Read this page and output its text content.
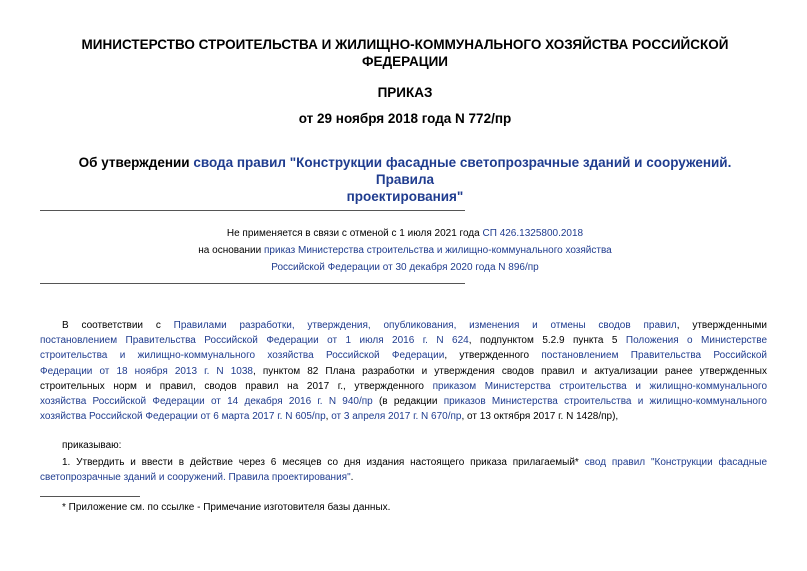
МИНИСТЕРСТВО СТРОИТЕЛЬСТВА И ЖИЛИЩНО-КОММУНАЛЬНОГО ХОЗЯЙСТВА РОССИЙСКОЙ
ФЕДЕРАЦИИ
ПРИКАЗ
от 29 ноября 2018 года N 772/пр
Об утверждении свода правил "Конструкции фасадные светопрозрачные зданий и сооружений. Правила
проектирования"
Не применяется в связи с отменой с 1 июля 2021 года СП 426.1325800.2018
на основании приказ Министерства строительства и жилищно-коммунального хозяйства
Российской Федерации от 30 декабря 2020 года N 896/пр
В соответствии с Правилами разработки, утверждения, опубликования, изменения и отмены сводов правил, утвержденными
постановлением Правительства Российской Федерации от 1 июля 2016 г. N 624, подпунктом 5.2.9 пункта 5 Положения о Министерстве
строительства и жилищно-коммунального хозяйства Российской Федерации, утвержденного постановлением Правительства Российской
Федерации от 18 ноября 2013 г. N 1038, пунктом 82 Плана разработки и утверждения сводов правил и актуализации ранее утвержденных
строительных норм и правил, сводов правил на 2017 г., утвержденного приказом Министерства строительства и жилищно-коммунального
хозяйства Российской Федерации от 14 декабря 2016 г. N 940/пр (в редакции приказов Министерства строительства и жилищно-коммунального
хозяйства Российской Федерации от 6 марта 2017 г. N 605/пр, от 3 апреля 2017 г. N 670/пр, от 13 октября 2017 г. N 1428/пр),
приказываю:
1. Утвердить и ввести в действие через 6 месяцев со дня издания настоящего приказа прилагаемый* свод правил "Конструкции фасадные
светопрозрачные зданий и сооружений. Правила проектирования".
* Приложение см. по ссылке - Примечание изготовителя базы данных.
